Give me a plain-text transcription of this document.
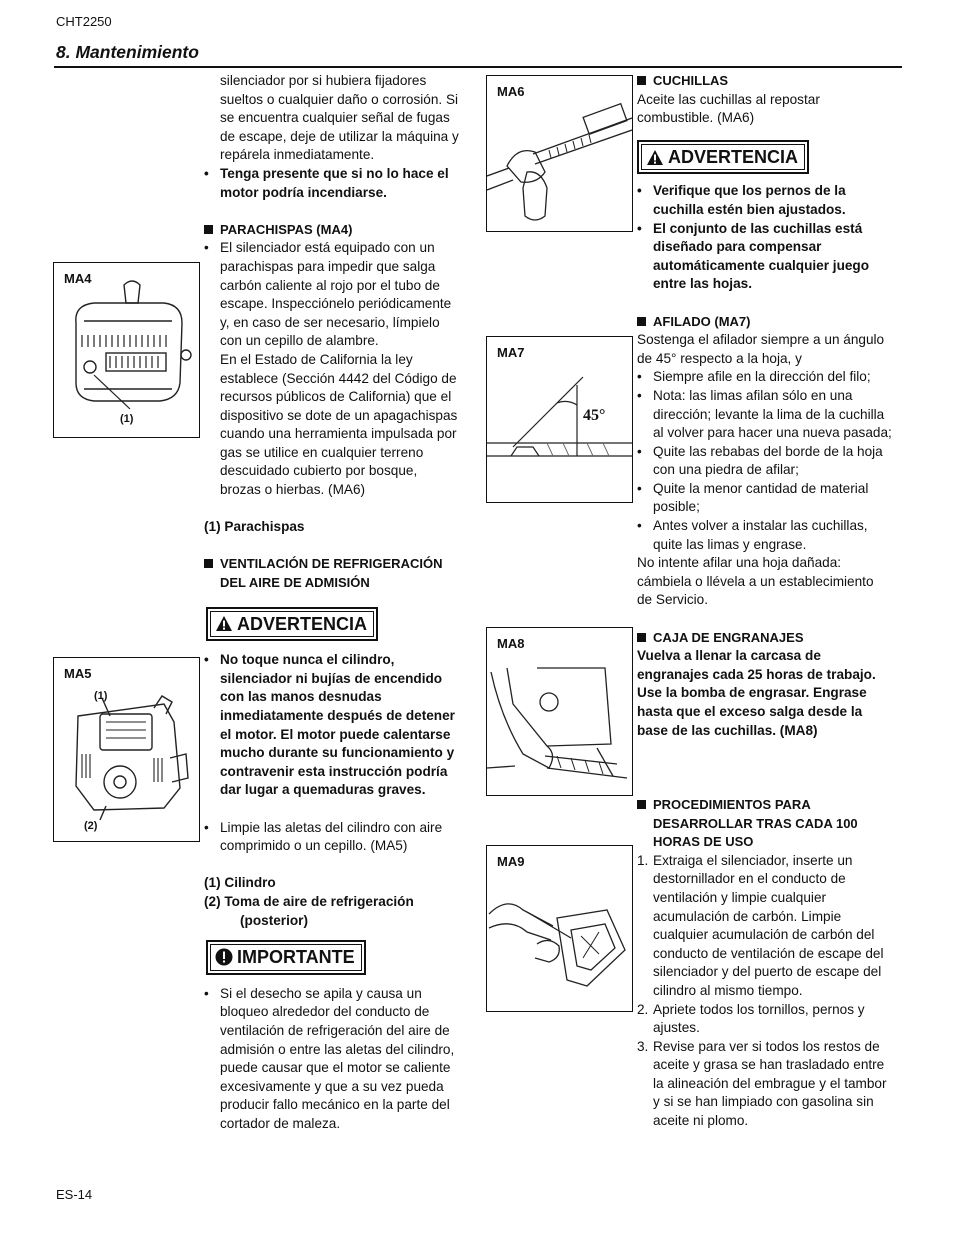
CHT2250
8. Mantenimiento
MA4
(1)
MA5
(1)
(2)
silenciador por si hubiera fijadores
sueltos o cualquier daño o corrosión. Si
se encuentra cualquier señal de fugas
de escape, deje de utilizar la máquina y
repárela inmediatamente.
• Tenga presente que si no lo hace el
motor podría incendiarse.
PARACHISPAS (MA4)
• El silenciador está equipado con un
parachispas para impedir que salga
carbón caliente al rojo por el tubo de
escape. Inspecciónelo periódicamente
y, en caso de ser necesario, límpielo
con un cepillo de alambre.
En el Estado de California la ley
establece (Sección 4442 del Código de
recursos públicos de California) que el
dispositivo se dote de un apagachispas
cuando una herramienta impulsada por
gas se utilice en cualquier terreno
descuidado cubierto por bosque,
brozas o hierbas. (MA6)
(1) Parachispas
VENTILACIÓN DE REFRIGERACIÓN
DEL AIRE DE ADMISIÓN
ADVERTENCIA
• No toque nunca el cilindro,
silenciador ni bujías de encendido
con las manos desnudas
inmediatamente después de detener
el motor. El motor puede calentarse
mucho durante su funcionamiento y
contravenir esta instrucción podría
dar lugar a quemaduras graves.
• Limpie las aletas del cilindro con aire
comprimido o un cepillo. (MA5)
(1) Cilindro
(2) Toma de aire de refrigeración
(posterior)
IMPORTANTE
• Si el desecho se apila y causa un
bloqueo alrededor del conducto de
ventilación de refrigeración del aire de
admisión o entre las aletas del cilindro,
puede causar que el motor se caliente
excesivamente y que a su vez pueda
producir fallo mecánico en la parte del
cortador de maleza.
MA6
MA7
45°
MA8
MA9
CUCHILLAS
Aceite las cuchillas al repostar
combustible. (MA6)
ADVERTENCIA
• Verifique que los pernos de la
cuchilla estén bien ajustados.
• El conjunto de las cuchillas está
diseñado para compensar
automáticamente cualquier juego
entre las hojas.
AFILADO (MA7)
Sostenga el afilador siempre a un ángulo
de 45° respecto a la hoja, y
• Siempre afile en la dirección del filo;
• Nota: las limas afilan sólo en una
dirección; levante la lima de la cuchilla
al volver para hacer una nueva pasada;
• Quite las rebabas del borde de la hoja
con una piedra de afilar;
• Quite la menor cantidad de material
posible;
• Antes volver a instalar las cuchillas,
quite las limas y engrase.
No intente afilar una hoja dañada:
cámbiela o llévela a un establecimiento
de Servicio.
CAJA DE ENGRANAJES
Vuelva a llenar la carcasa de
engranajes cada 25 horas de trabajo.
Use la bomba de engrasar. Engrase
hasta que el exceso salga desde la
base de las cuchillas. (MA8)
PROCEDIMIENTOS PARA
DESARROLLAR TRAS CADA 100
HORAS DE USO
1. Extraiga el silenciador, inserte un
destornillador en el conducto de
ventilación y limpie cualquier
acumulación de carbón. Limpie
cualquier acumulación de carbón del
conducto de ventilación de escape del
silenciador y del puerto de escape del
cilindro al mismo tiempo.
2. Apriete todos los tornillos, pernos y
ajustes.
3. Revise para ver si todos los restos de
aceite y grasa se han trasladado entre
la alineación del embrague y el tambor
y si se han limpiado con gasolina sin
aceite ni plomo.
ES-14
